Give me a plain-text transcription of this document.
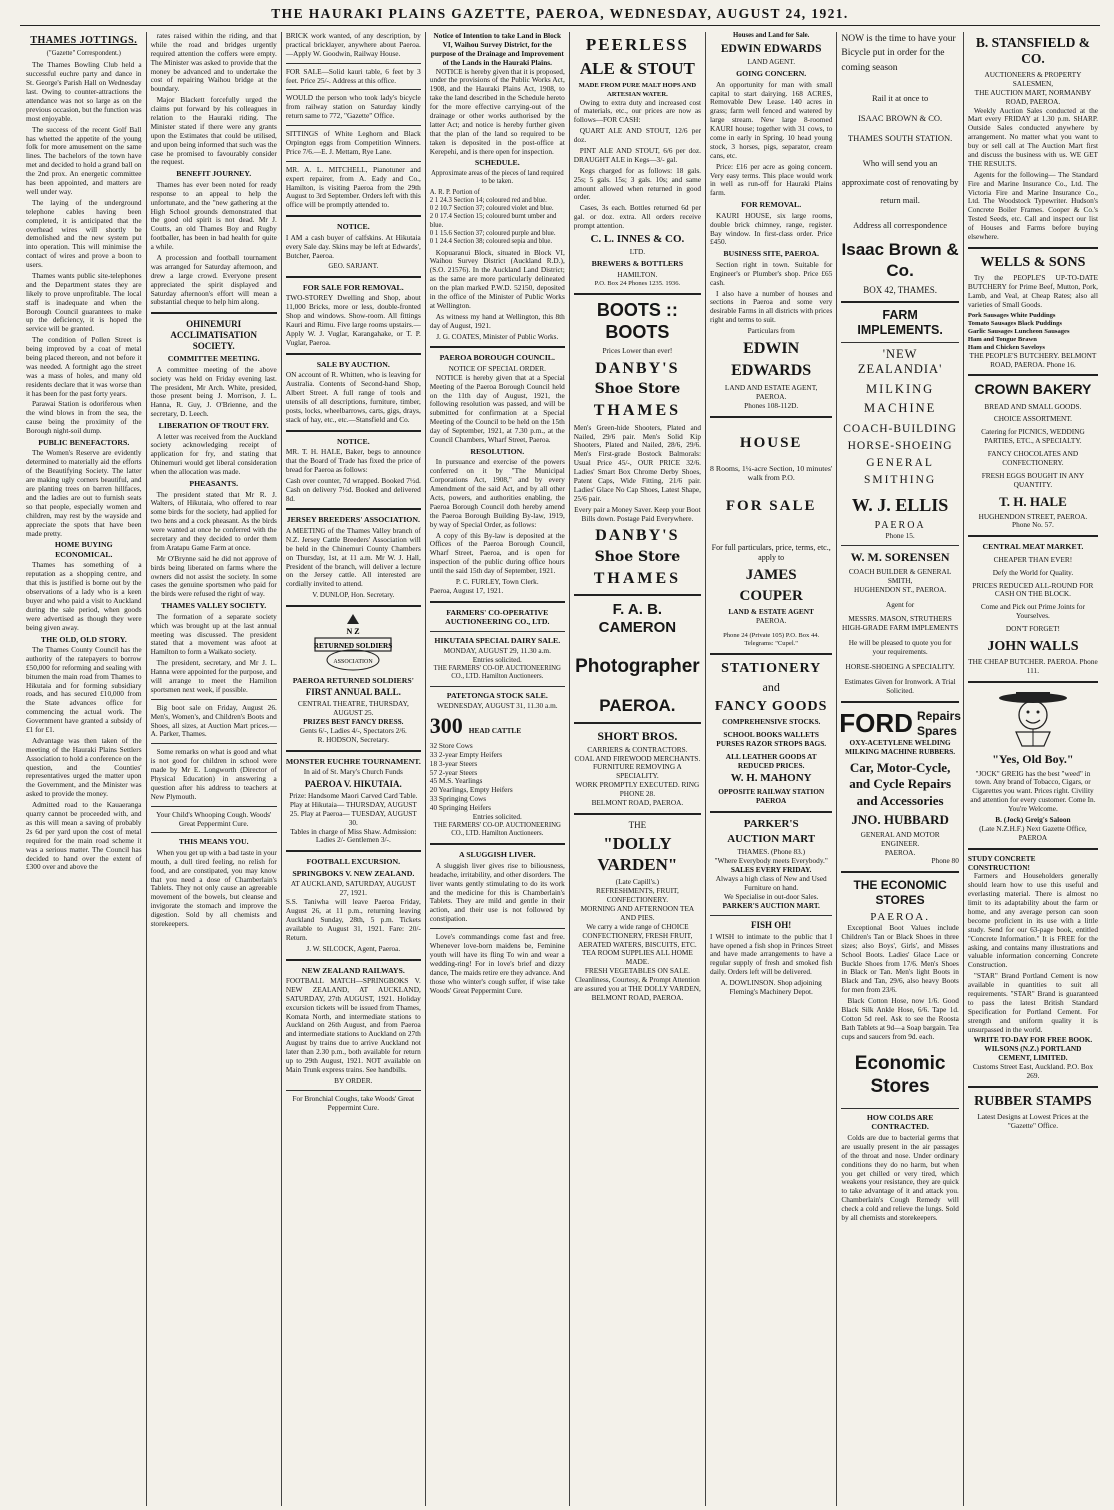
THE HAURAKI PLAINS GAZETTE, PAEROA, WEDNESDAY, AUGUST 24, 1921.
THAMES JOTTINGS.
("Gazette" Correspondent.)

The Thames Bowling Club held a successful euchre party and dance in St. George's Parish Hall on Wednesday last. Owing to counter-attractions the attendance was not so large as on the previous occasion, but the function was most enjoyable.

The success of the recent Golf Ball has whetted the appetite of the young folk for more amusement on the same lines. The bachelors of the town have met and decided to hold a grand ball on the 2nd prox. An energetic committee has been appointed, and matters are well under way.

The laying of the underground telephone cables having been completed, it is anticipated that the overhead wires will shortly be demolished and the new system put into operation. This will minimise the contact of wires and prove a boon to users.

Thames wants public site-telephones and the Department states they are likely to prove unprofitable. The local staff is inadequate and when the Borough Council guarantees to make up the deficiency, it is hoped the service will be granted.

The condition of Pollen Street is being improved by a coat of metal being placed thereon, and not before it was needed. A fortnight ago the street was a mass of holes, and many old residents declare that it was worse than it has been for the past forty years.

Parawai Station is odoriferous when the wind blows in from the sea, the cause being the proximity of the Borough night-soil dump.

PUBLIC BENEFACTORS.

The Women's Reserve are evidently determined to materially aid the efforts of the Beautifying Society. The latter are making ugly corners beautiful, and are planting trees on barren hillfaces, and the ladies are out to furnish seats so that people, especially women and children, may rest by the wayside and appreciate the spots that have been made pretty.

HOME BUYING ECONOMICAL.

Thames has something of a reputation as a shopping centre, and that this is justified is borne out by the observations of a lady who is a keen buyer and who paid a visit to Auckland during the sale period, when goods were advertised as though they were being given away.

THE OLD, OLD STORY.

The Thames County Council has the authority of the ratepayers to borrow £50,000 for reforming and sealing with bitumen the main road from Thames to Hikutaia and for forming subsidiary roads, and has secured £10,000 from the State advances office for commencing the actual work. The Government have granted a subsidy of £1 for £1.

Advantage was then taken of the meeting of the Hauraki Plains Settlers Association to hold a conference on the question, and the Counties' representatives urged the matter upon the Government, and the Minister was asked to provide the money.

Admitted road to the Kauaeranga quarry cannot be proceeded with, and as this will mean a saving of probably 2s 6d per yard upon the cost of metal required for the main road scheme it was a serious matter. The Council has decided to hand over the extent of £300 over and above the

rates raised within the riding, and that while the road and bridges urgently required attention the coffers were empty. The Minister was asked to provide that the money be advanced and to undertake the cost of repairing Waihou bridge at the boundary.

Major Blackett forcefully urged the claims put forward by his colleagues in relation to the Hauraki riding. The Minister stated if there were any grants upon the Estimates that could be utilised, and upon being informed that such was the case he promised to favourably consider the request.

BENEFIT JOURNEY.

Thames has ever been noted for ready response to an appeal to help the unfortunate, and the "new gathering at the High School grounds demonstrated that the good old spirit is not dead. Mr J. Coutts, an old Thames Boy and Rugby footballer, has been in bad health for quite a while.

A procession and football tournament was arranged for Saturday afternoon, and drew a large crowd. Everyone present appreciated the spirit displayed and Saturday afternoon's effort will mean a substantial cheque to help him along.

OHINEMURI ACCLIMATISATION SOCIETY.
COMMITTEE MEETING.

A committee meeting of the above society was held on Friday evening last. The president, Mr Arch. White, presided, those present being J. Morrison, J. L. Hanna, R. Guy, J. O'Brienne, and the secretary, D. Leech.

LIBERATION OF TROUT FRY.

A letter was received from the Auckland society acknowledging receipt of application for fry, and stating that Ohinemuri would get liberal consideration when the allocation was made.

PHEASANTS.

The president stated that Mr R. J. Walters, of Hikutaia, who offered to rear some birds for the society, had applied for two hens and a cock pheasant. As the birds were wanted at once he conferred with the secretary and they decided to order them from Aratapu Game Farm at once.

Mr O'Brynne said he did not approve of birds being liberated on farms where the owners did not assist the society. In some cases the genuine sportsmen who paid for the birds were refused the right of way.

THAMES VALLEY SOCIETY.

The formation of a separate society which was brought up at the last annual meeting was discussed. The president stated that a movement was afoot at Hamilton to form a Waikato society.

The president, secretary, and Mr J. L. Hanna were appointed for the purpose, and will arrange to meet the Hamilton sportsmen next week, if possible.

Big boot sale on Friday, August 26. Men's, Women's, and Children's Boots and Shoes, all sizes, at Auction Mart prices.—A. Parker, Thames.

Some remarks on what is good and what is not good for children in school were made by Mr E. Longworth (Director of Physical Education) in answering a question after his address to teachers at New Plymouth.

Your Child's Whooping Cough. Woods' Great Peppermint Cure.

THIS MEANS YOU.

When you get up with a bad taste in your mouth, a dull tired feeling, no relish for food, and are constipated, you may know that you need a dose of Chamberlain's Tablets. They not only cause an agreeable movement of the bowels, but cleanse and invigorate the stomach and improve the digestion. Sold by all chemists and storekeepers.

BRICK work wanted, of any description, by practical bricklayer, anywhere about Paeroa.—Apply W. Goodwin, Railway House.

FOR SALE—Solid kauri table, 6 feet by 3 feet. Price 25/-. Address at this office.

WOULD the person who took lady's bicycle from railway station on Saturday kindly return same to 772, "Gazette" Office.

SITTINGS of White Leghorn and Black Orpington eggs from Competition Winners. Price 7/6.—E. J. Mettam, Rye Lane.

MR. A. L. MITCHELL, Pianotuner and expert repairer, from A. Eady and Co., Hamilton, is visiting Paeroa from the 29th August to 3rd September. Orders left with this office will be promptly attended to.

NOTICE.

I AM a cash buyer of calfskins. At Hikutaia every Sale day. Skins may be left at Edwards', Butcher, Paeroa.

GEO. SARJANT.
FOR SALE FOR REMOVAL.

TWO-STOREY Dwelling and Shop, about 11,000 Bricks, more or less, double-fronted Shop and windows. Show-room. All fittings Kauri and Rimu. Five large rooms upstairs.—Apply W. J. Vuglar, Karangahake, or T. P. Vuglar, Paeroa.

SALE BY AUCTION.

ON account of R. Whitten, who is leaving for Australia. Contents of Second-hand Shop, Albert Street. A full range of tools and utensils of all descriptions, furniture, timber, posts, locks, wheelbarrows, carts, gigs, drays, stack of hay, etc., etc.—Stansfield and Co.

NOTICE.

MR. T. H. HALE, Baker, begs to announce that the Board of Trade has fixed the price of bread for Paeroa as follows:

Cash over counter, 7d wrapped. Booked 7½d. Cash on delivery 7½d. Booked and delivered 8d.

JERSEY BREEDERS' ASSOCIATION.

A MEETING of the Thames Valley branch of N.Z. Jersey Cattle Breeders' Association will be held in the Chinemuri County Chambers on Thursday, 1st, at 11 a.m. Mr W. J. Hall, President of the branch, will deliver a lecture on the Jersey cattle. All interested are cordially invited to attend.

V. DUNLOP, Hon. Secretary.
N Z
RETURNED SOLDIERS
ASSOCIATION
PAEROA RETURNED SOLDIERS'
FIRST ANNUAL BALL.
CENTRAL THEATRE, THURSDAY, AUGUST 25.
PRIZES BEST FANCY DRESS.
Gents 6/-, Ladies 4/-, Spectators 2/6.
R. HODSON, Secretary.
MONSTER EUCHRE TOURNAMENT.
In aid of St. Mary's Church Funds
PAEROA V. HIKUTAIA.
Prize: Handsome Maori Carved Card Table.
Play at Hikutaia— THURSDAY, AUGUST 25. Play at Paeroa— TUESDAY, AUGUST 30.
Tables in charge of Miss Shaw. Admission: Ladies 2/- Gentlemen 3/-.
FOOTBALL EXCURSION.
SPRINGBOKS V. NEW ZEALAND.
AT AUCKLAND, SATURDAY, AUGUST 27, 1921.

S.S. Taniwha will leave Paeroa Friday, August 26, at 11 p.m., returning leaving Auckland Sunday, 28th, 5 p.m. Tickets available to August 31, 1921. Fare: 20/- Return.

J. W. SILCOCK, Agent, Paeroa.
NEW ZEALAND RAILWAYS.

FOOTBALL MATCH—SPRINGBOKS V. NEW ZEALAND, AT AUCKLAND, SATURDAY, 27th AUGUST, 1921. Holiday excursion tickets will be issued from Thames, Komata North, and intermediate stations to Auckland on 26th August, and from Paeroa and intermediate stations to Auckland on 27th August by trains due to arrive Auckland not later than 2.30 p.m., both available for return up to 29th August, 1921. NOT available on Main Trunk express trains. See handbills.

BY ORDER.
For Bronchial Coughs, take Woods' Great Peppermint Cure.
Notice of Intention to take Land in Block VI, Waihou Survey District, for the purpose of the Drainage and Improvement of the Lands in the Hauraki Plains.

NOTICE is hereby given that it is proposed, under the provisions of the Public Works Act, 1908, and the Hauraki Plains Act, 1908, to take the land described in the Schedule hereto for the more effective carrying-out of the drainage or other works authorised by the latter Act; and notice is hereby further given that the plan of the land so required to be taken is deposited in the post-office at Kerepehi, and is there open for inspection.

SCHEDULE.
Approximate areas of the pieces of land required to be taken.
A. R. P. Portion of
2 1 24.3 Section 14; coloured red and blue.
0 2 10.7 Section 37; coloured violet and blue.
2 0 17.4 Section 15; coloured burnt umber and blue.
0 1 15.6 Section 37; coloured purple and blue.
0 1 24.4 Section 38; coloured sepia and blue.

Kopuaranui Block, situated in Block VI, Waihou Survey District (Auckland R.D.), (S.O. 21576). In the Auckland Land District; as the same are more particularly delineated on the plan marked P.W.D. 52150, deposited in the office of the Minister of Public Works at Wellington.

As witness my hand at Wellington, this 8th day of August, 1921.

J. G. COATES, Minister of Public Works.
PAEROA BOROUGH COUNCIL.
NOTICE OF SPECIAL ORDER.

NOTICE is hereby given that at a Special Meeting of the Paeroa Borough Council held on the 11th day of August, 1921, the following resolution was passed, and will be submitted for confirmation at a Special Meeting of the Council to be held on the 15th day of September, 1921, at 7.30 p.m., at the Council Chambers, Wharf Street, Paeroa.

RESOLUTION.

In pursuance and exercise of the powers conferred on it by "The Municipal Corporations Act, 1908," and by every Amendment of the said Act, and by all other Acts, powers, and authorities enabling, the Paeroa Borough Council doth hereby amend the Paeroa Borough Building By-law, 1919, by way of Special Order, as follows:

A copy of this By-law is deposited at the Offices of the Paeroa Borough Council, Wharf Street, Paeroa, and is open for inspection of the public during office hours until the said 15th day of September, 1921.

P. C. FURLEY, Town Clerk.
Paeroa, August 17, 1921.
FARMERS' CO-OPERATIVE AUCTIONEERING CO., LTD.
HIKUTAIA SPECIAL DAIRY SALE.
MONDAY, AUGUST 29, 11.30 a.m.
Entries solicited.
THE FARMERS' CO-OP. AUCTIONEERING CO., LTD. Hamilton Auctioneers.
PATETONGA STOCK SALE.
WEDNESDAY, AUGUST 31, 11.30 a.m.
300 HEAD CATTLE
32 Store Cows
33 2-year Empty Heifers
18 3-year Steers
57 2-year Steers
45 M.S. Yearlings
20 Yearlings, Empty Heifers
33 Springing Cows
40 Springing Heifers
Entries solicited.
THE FARMERS' CO-OP. AUCTIONEERING CO., LTD. Hamilton Auctioneers.
A SLUGGISH LIVER.

A sluggish liver gives rise to biliousness, headache, irritability, and other disorders. The liver wants gently stimulating to do its work and the medicine for this is Chamberlain's Tablets. They are mild and gentle in their action, and their use is not followed by constipation.

Love's commandings come fast and free. Whenever love-born maidens be, Feminine youth will have its fling To win and wear a wedding-ring! For in love's brief and dizzy dance, The maids retire ere they advance. And those who winter's cough suffer, if wise take Woods' Great Peppermint Cure.

PEERLESS
ALE & STOUT
MADE FROM PURE MALT HOPS AND ARTESIAN WATER.

Owing to extra duty and increased cost of materials, etc., our prices are now as follows—FOR CASH:

QUART ALE AND STOUT, 12/6 per doz.

PINT ALE AND STOUT, 6/6 per doz. DRAUGHT ALE in Kegs—3/- gal.

Kegs charged for as follows: 18 gals. 25s; 5 gals. 15s; 3 gals. 10s; and same amount allowed when returned in good order.

Cases, 3s each. Bottles returned 6d per gal. or doz. extra. All orders receive prompt attention.

C. L. INNES & CO.
LTD.
BREWERS & BOTTLERS
HAMILTON.
P.O. Box 24 Phones 1235. 1936.
BOOTS :: BOOTS
Prices Lower than ever!
DANBY'S
Shoe Store
THAMES

Men's Green-hide Shooters, Plated and Nailed, 29/6 pair. Men's Solid Kip Shooters, Plated and Nailed, 28/6, 29/6. Men's First-grade Bostock Balmorals: Usual Price 45/-, OUR PRICE 32/6. Ladies' Smart Box Chrome Derby Shoes, Patent Caps, Wide Fitting, 21/6 pair. Ladies' Glace No Cap Shoes, Latest Shape, 25/6 pair.

Every pair a Money Saver. Keep your Boot Bills down. Postage Paid Everywhere.

DANBY'S
Shoe Store
THAMES
F. A. B. CAMERON
Photographer
PAEROA.
SHORT BROS.
CARRIERS & CONTRACTORS.
COAL AND FIREWOOD MERCHANTS.
FURNITURE REMOVING A SPECIALITY.
WORK PROMPTLY EXECUTED. RING PHONE 28.
BELMONT ROAD, PAEROA.
THE
"DOLLY VARDEN"
(Late Capill's.)
REFRESHMENTS, FRUIT, CONFECTIONERY.
MORNING AND AFTERNOON TEA AND PIES.
We carry a wide range of CHOICE CONFECTIONERY, FRESH FRUIT, AERATED WATERS, BISCUITS, ETC.
TEA ROOM SUPPLIES ALL HOME MADE.
FRESH VEGETABLES ON SALE.
Cleanliness, Courtesy, & Prompt Attention are assured you at THE DOLLY VARDEN, BELMONT ROAD, PAEROA.
Houses and Land for Sale.
EDWIN EDWARDS
LAND AGENT.
GOING CONCERN.

An opportunity for man with small capital to start dairying. 168 ACRES, Removable Dew Lease. 140 acres in grass; farm well fenced and watered by large stream. New large 8-roomed KAURI house; together with 31 cows, to come in early in Spring. 10 head young stock, 3 horses, pigs, separator, cream cans, etc.

Price: £16 per acre as going concern. Very easy terms. This place would work in well as run-off for Hauraki Plains farm.

FOR REMOVAL.

KAURI HOUSE, six large rooms, double brick chimney, range, register. Bay window. In first-class order. Price £450.

BUSINESS SITE, PAEROA.

Section right in town. Suitable for Engineer's or Plumber's shop. Price £65 cash.

I also have a number of houses and sections in Paeroa and some very desirable Farms in all districts with prices right and terms to suit.

Particulars from
EDWIN
EDWARDS
LAND AND ESTATE AGENT, PAEROA.
Phones 108-112D.
HOUSE
8 Rooms, 1¼-acre Section, 10 minutes' walk from P.O.
FOR SALE
For full particulars, price, terms, etc., apply to
JAMES
COUPER
LAND & ESTATE AGENT
PAEROA.
Phone 24 (Private 105) P.O. Box 44. Telegrams: "Cupel."
STATIONERY
and
FANCY GOODS
COMPREHENSIVE STOCKS.
SCHOOL BOOKS WALLETS PURSES RAZOR STROPS BAGS.
ALL LEATHER GOODS AT REDUCED PRICES.
W. H. MAHONY
OPPOSITE RAILWAY STATION PAEROA
PARKER'S
AUCTION MART
THAMES. (Phone 83.)
"Where Everybody meets Everybody."
SALES EVERY FRIDAY.
Always a high class of New and Used Furniture on hand.
We Specialise in out-door Sales.
PARKER'S AUCTION MART.
FISH OH!

I WISH to intimate to the public that I have opened a fish shop in Princes Street and have made arrangements to have a regular supply of fresh and smoked fish daily. Orders left will be delivered.

A. DOWLINSON. Shop adjoining Fleming's Machinery Depot.
NOW is the time to have your Bicycle put in order for the coming season
Rail it at once to
ISAAC BROWN & CO.
THAMES SOUTH STATION.
Who will send you an approximate cost of renovating by return mail.
Address all correspondence
Isaac Brown & Co.
BOX 42, THAMES.
FARM IMPLEMENTS.
'NEW ZEALANDIA'
MILKING
MACHINE
COACH-BUILDING
HORSE-SHOEING
GENERAL
SMITHING
W. J. ELLIS
PAEROA
Phone 15.
W. M. SORENSEN
COACH BUILDER & GENERAL SMITH,
HUGHENDON ST., PAEROA.
Agent for
MESSRS. MASON, STRUTHERS HIGH-GRADE FARM IMPLEMENTS
He will be pleased to quote you for your requirements.
HORSE-SHOEING A SPECIALITY.
Estimates Given for Ironwork. A Trial Solicited.
FORD Repairs
Spares
OXY-ACETYLENE WELDING
MILKING MACHINE RUBBERS.
Car, Motor-Cycle, and Cycle Repairs and Accessories
JNO. HUBBARD
GENERAL AND MOTOR ENGINEER.
PAEROA.
Phone 80
THE ECONOMIC STORES
PAEROA.

Exceptional Boot Values include Children's Tan or Black Shoes in three sizes; also Boys', Girls', and Misses School Boots. Ladies' Glace Lace or Buckle Shoes from 17/6. Men's Shoes in Black or Tan. Men's light Boots in Black and Tan, 29/6, also heavy Boots for men from 23/6.

Black Cotton Hose, now 1/6. Good Black Silk Ankle Hose, 6/6. Tape 1d. Cotton 5d reel. Ask to see the Roosta Bath Tablets at 9d—a Soap bargain. Tea cups and saucers from 9d. each.

Economic Stores
HOW COLDS ARE CONTRACTED.

Colds are due to bacterial germs that are usually present in the air passages of the throat and nose. Under ordinary conditions they do no harm, but when you get chilled or very tired, which weakens your resistance, they are quick to take advantage of it and attack you. Chamberlain's Cough Remedy will check a cold and relieve the lungs. Sold by all chemists and storekeepers.

B. STANSFIELD & CO.
AUCTIONEERS & PROPERTY SALESMEN,
THE AUCTION MART, NORMANBY ROAD, PAEROA.

Weekly Auction Sales conducted at the Mart every FRIDAY at 1.30 p.m. SHARP. Outside Sales conducted anywhere by arrangement. No matter what you want to buy or sell call at The Auction Mart first and discuss the business with us. WE GET THE RESULTS.

Agents for the following— The Standard Fire and Marine Insurance Co., Ltd. The Victoria Fire and Marine Insurance Co., Ltd. The Woodstock Typewriter. Hudson's Concrete Boiler Frames. Cooper & Co.'s Tested Seeds, etc. Call and inspect our list of Houses and Farms before buying elsewhere.

WELLS & SONS

Try the PEOPLE'S UP-TO-DATE BUTCHERY for Prime Beef, Mutton, Pork, Lamb, and Veal, at Cheap Rates; also all varieties of Small Goods.

Pork Sausages White Puddings
Tomato Sausages Black Puddings
Garlic Sausages Luncheon Sausages
Ham and Tongue Brawn
Ham and Chicken Saveloys
THE PEOPLE'S BUTCHERY. BELMONT ROAD, PAEROA. Phone 16.
CROWN BAKERY
BREAD AND SMALL GOODS.
CHOICE ASSORTMENT.
Catering for PICNICS, WEDDING PARTIES, ETC., A SPECIALTY.
FANCY CHOCOLATES AND CONFECTIONERY.
FRESH EGGS BOUGHT IN ANY QUANTITY.
T. H. HALE
HUGHENDON STREET, PAEROA.
Phone No. 57.
CENTRAL MEAT MARKET.
CHEAPER THAN EVER!
Defy the World for Quality.
PRICES REDUCED ALL-ROUND FOR CASH ON THE BLOCK.
Come and Pick out Prime Joints for Yourselves.
DON'T FORGET!
JOHN WALLS
THE CHEAP BUTCHER. PAEROA. Phone 111.
"Yes, Old Boy."

"JOCK" GREIG has the best "weed" in town. Any brand of Tobacco, Cigars, or Cigarettes you want. Prices right. Civility and attention for every customer. Come In. You're Welcome.

B. (Jock) Greig's Saloon
(Late N.Z.H.F.) Next Gazette Office, PAEROA
STUDY CONCRETE CONSTRUCTION!

Farmers and Householders generally should learn how to use this useful and everlasting material. There is almost no limit to its adaptability about the farm or home, and any average person can soon become proficient in its use with a little study. Send for our 63-page book, entitled "Concrete Information." It is FREE for the asking, and contains many illustrations and valuable information concerning Concrete Construction.

"STAR" Brand Portland Cement is now available in quantities to suit all requirements. "STAR" Brand is guaranteed to pass the latest British Standard Specification for Portland Cement. For strength and uniform quality it is unsurpassed in the world.

WRITE TO-DAY FOR FREE BOOK.
WILSONS (N.Z.) PORTLAND CEMENT, LIMITED.
Customs Street East, Auckland. P.O. Box 269.
RUBBER STAMPS
Latest Designs at Lowest Prices at the "Gazette" Office.
